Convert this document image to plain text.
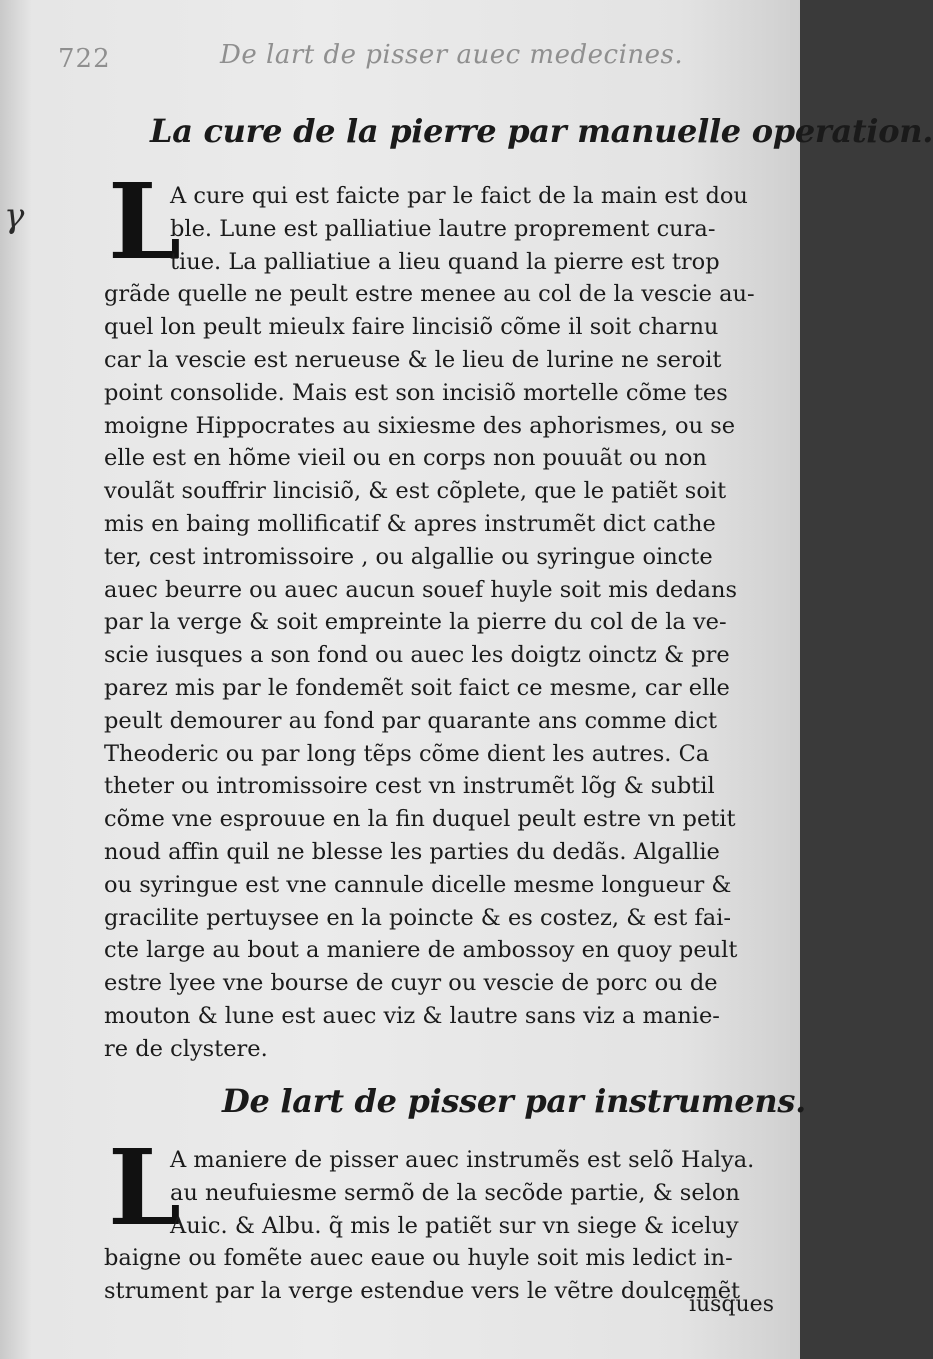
722	De lart de pisser auec medecines.
γ
La cure de la pierre par manuelle operation.
L
A cure qui est faicte par le faict de la main est dou
ble. Lune est palliatiue lautre proprement cura-
tiue. La palliatiue a lieu quand la pierre est trop
grãde quelle ne peult estre menee au col de la vescie au-
quel lon peult mieulx faire lincisiõ cõme il soit charnu
car la vescie est nerueuse & le lieu de lurine ne seroit
point consolide. Mais est son incisiõ mortelle cõme tes
moigne Hippocrates au sixiesme des aphorismes, ou se
elle est en hõme vieil ou en corps non pouuãt ou non
voulãt souffrir lincisiõ, & est cõplete, que le patiẽt soit
mis en baing mollificatif & apres instrumẽt dict cathe
ter, cest intromissoire , ou algallie ou syringue oincte
auec beurre ou auec aucun souef huyle soit mis dedans
par la verge & soit empreinte la pierre du col de la ve-
scie iusques a son fond ou auec les doigtz oinctz & pre
parez mis par le fondemẽt soit faict ce mesme, car elle
peult demourer au fond par quarante ans comme dict
Theoderic ou par long tẽps cõme dient les autres. Ca
theter ou intromissoire cest vn instrumẽt lõg & subtil
cõme vne esprouue en la fin duquel peult estre vn petit
noud affin quil ne blesse les parties du dedãs. Algallie
ou syringue est vne cannule dicelle mesme longueur &
gracilite pertuysee en la poincte & es costez, & est fai-
cte large au bout a maniere de ambossoy en quoy peult
estre lyee vne bourse de cuyr ou vescie de porc ou de
mouton & lune est auec viz & lautre sans viz a manie-
re de clystere.
De lart de pisser par instrumens.
L
A maniere de pisser auec instrumẽs est selõ Halya.
au neufuiesme sermõ de la secõde partie, & selon
Auic. & Albu. q̃ mis le patiẽt sur vn siege & iceluy
baigne ou fomẽte auec eaue ou huyle soit mis ledict in-
strument par la verge estendue vers le vẽtre doulcemẽt
iusques
